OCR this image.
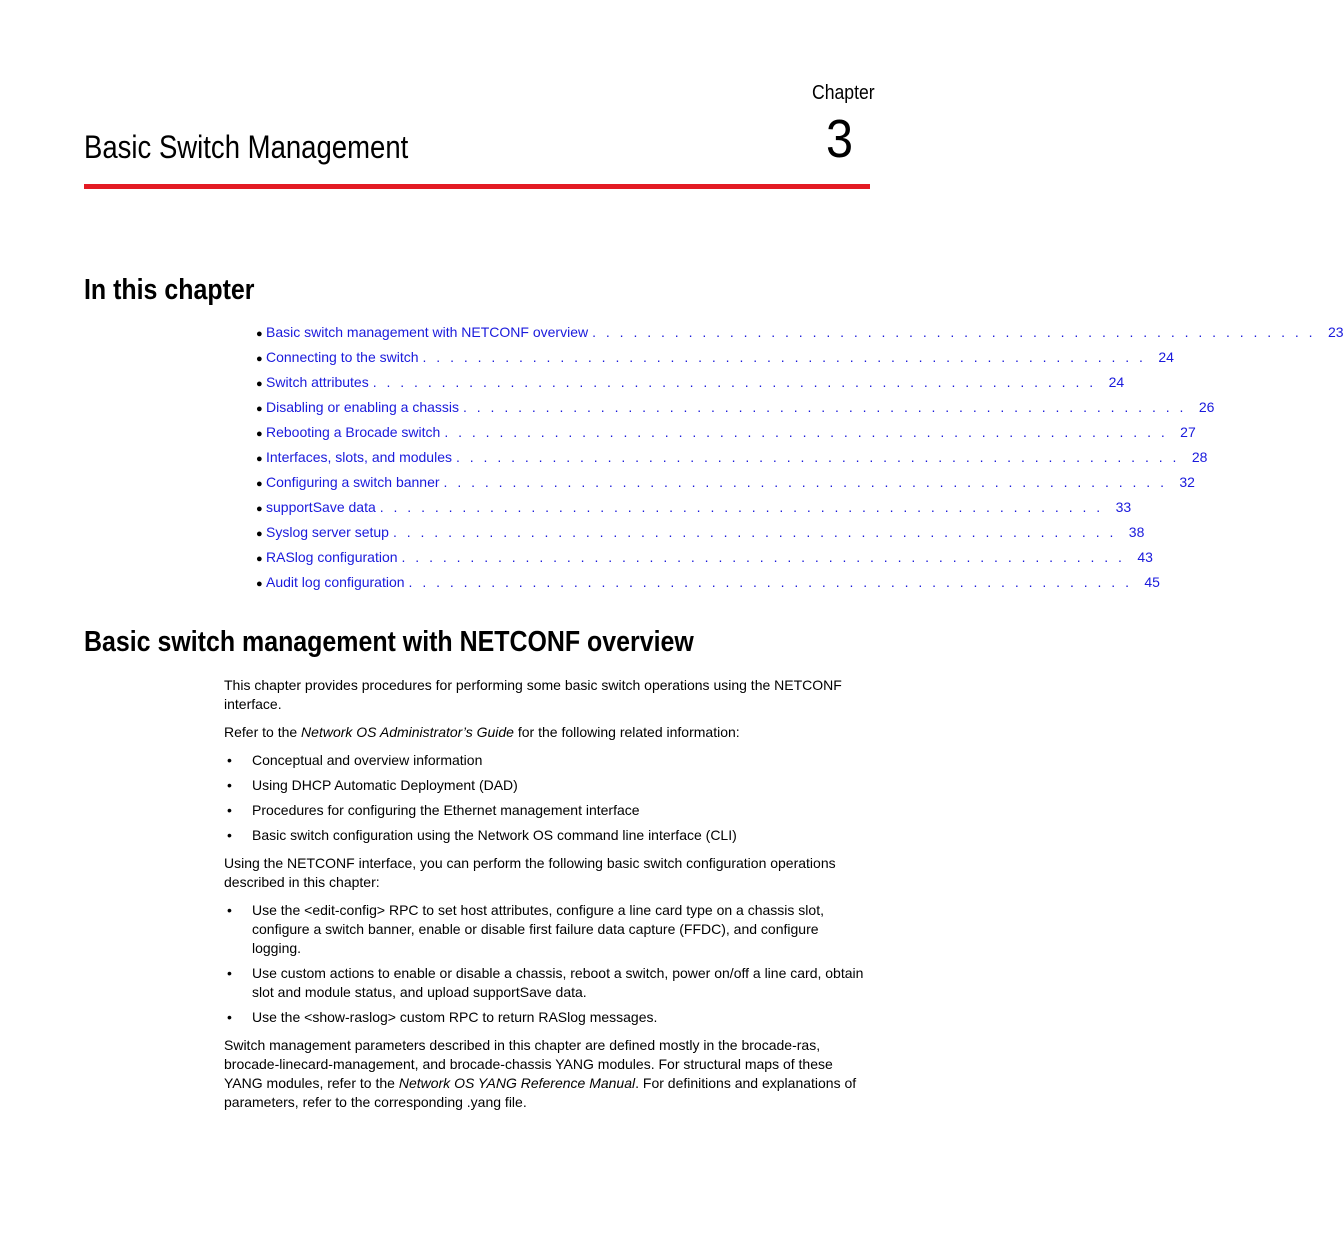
Chapter
3
Basic Switch Management
In this chapter
● Basic switch management with NETCONF overview . . . . . . . . . . . . . . . . . . . . . . . . . . . . . . . . . . . . . . . . . . . . . . . . . . . . . 23
● Connecting to the switch . . . . . . . . . . . . . . . . . . . . . . . . . . . . . . . . . . . . . . . . . . . . . . . . . . . . . 24
● Switch attributes . . . . . . . . . . . . . . . . . . . . . . . . . . . . . . . . . . . . . . . . . . . . . . . . . . . . . 24
● Disabling or enabling a chassis . . . . . . . . . . . . . . . . . . . . . . . . . . . . . . . . . . . . . . . . . . . . . . . . . . . . . 26
● Rebooting a Brocade switch . . . . . . . . . . . . . . . . . . . . . . . . . . . . . . . . . . . . . . . . . . . . . . . . . . . . . 27
● Interfaces, slots, and modules . . . . . . . . . . . . . . . . . . . . . . . . . . . . . . . . . . . . . . . . . . . . . . . . . . . . . 28
● Configuring a switch banner . . . . . . . . . . . . . . . . . . . . . . . . . . . . . . . . . . . . . . . . . . . . . . . . . . . . . 32
● supportSave data . . . . . . . . . . . . . . . . . . . . . . . . . . . . . . . . . . . . . . . . . . . . . . . . . . . . . 33
● Syslog server setup . . . . . . . . . . . . . . . . . . . . . . . . . . . . . . . . . . . . . . . . . . . . . . . . . . . . . 38
● RASlog configuration . . . . . . . . . . . . . . . . . . . . . . . . . . . . . . . . . . . . . . . . . . . . . . . . . . . . . 43
● Audit log configuration . . . . . . . . . . . . . . . . . . . . . . . . . . . . . . . . . . . . . . . . . . . . . . . . . . . . . 45
Basic switch management with NETCONF overview

This chapter provides procedures for performing some basic switch operations using the NETCONF interface.

Refer to the Network OS Administrator’s Guide for the following related information:

• Conceptual and overview information
• Using DHCP Automatic Deployment (DAD)
• Procedures for configuring the Ethernet management interface
• Basic switch configuration using the Network OS command line interface (CLI)

Using the NETCONF interface, you can perform the following basic switch configuration operations described in this chapter:

• Use the <edit-config> RPC to set host attributes, configure a line card type on a chassis slot, configure a switch banner, enable or disable first failure data capture (FFDC), and configure logging.
• Use custom actions to enable or disable a chassis, reboot a switch, power on/off a line card, obtain slot and module status, and upload supportSave data.
• Use the <show-raslog> custom RPC to return RASlog messages.

Switch management parameters described in this chapter are defined mostly in the brocade-ras, brocade-linecard-management, and brocade-chassis YANG modules. For structural maps of these YANG modules, refer to the Network OS YANG Reference Manual. For definitions and explanations of parameters, refer to the corresponding .yang file.
